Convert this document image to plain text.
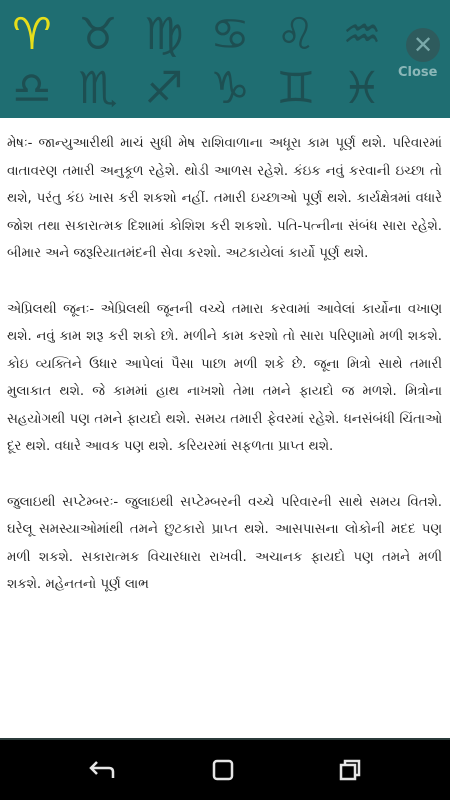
♈ ♉ ♍ ♋ ♌ ♒
♎ ♏ ♐ ♑ ♊ ♓
✕
Close

મેષઃ- જાન્યુઆરીથી માચં સુધી મેષ રાશિવાળાના અધૂરા કામ પૂર્ણ થશે. પરિવારમાં વાતાવરણ તમારી અનુકૂળ રહેશે. થોડી આળસ રહેશે. કંઇક નવું કરવાની ઇચ્છા તો થશે, પરંતુ કંઇ ખાસ કરી શકશો નહીં. તમારી ઇચ્છાઓ પૂર્ણ થશે. કાર્યક્ષેત્રમાં વધારે જોશ તથા સકારાત્મક દિશામાં કોશિશ કરી શકશો. પતિ-પત્નીના સંબંધ સારા રહેશે. બીમાર અને જરૂરિયાતમંદની સેવા કરશો. અટકાયેલાં કાર્યો પૂર્ણ થશે.

એપ્રિલથી જૂનઃ- એપ્રિલથી જૂનની વચ્ચે તમારા કરવામાં આવેલાં કાર્યોના વખાણ થશે. નવું કામ શરૂ કરી શકો છો. મળીને કામ કરશો તો સારા પરિણામો મળી શકશે. કોઇ વ્યક્તિને ઉધાર આપેલાં પૈસા પાછા મળી શકે છે. જૂના મિત્રો સાથે તમારી મુલાકાત થશે. જે કામમાં હાથ નાખશો તેમા તમને ફાયદો જ મળશે. મિત્રોના સહયોગથી પણ તમને ફાયદો થશે. સમય તમારી ફેવરમાં રહેશે. ધનસંબંધી ચિંતાઓ દૂર થશે. વધારે આવક પણ થશે. કરિયરમાં સફળતા પ્રાપ્ત થશે.

જુલાઇથી સપ્ટેમ્બરઃ- જુલાઇથી સપ્ટેમ્બરની વચ્ચે પરિવારની સાથે સમય વિતશે. ઘરેલૂ સમસ્યાઓમાંથી તમને છુટકારો પ્રાપ્ત થશે. આસપાસના લોકોની મદદ પણ મળી શકશે. સકારાત્મક વિચારધારા રાખવી. અચાનક ફાયદો પણ તમને મળી શકશે. મહેનતનો પૂર્ણ લાભ
